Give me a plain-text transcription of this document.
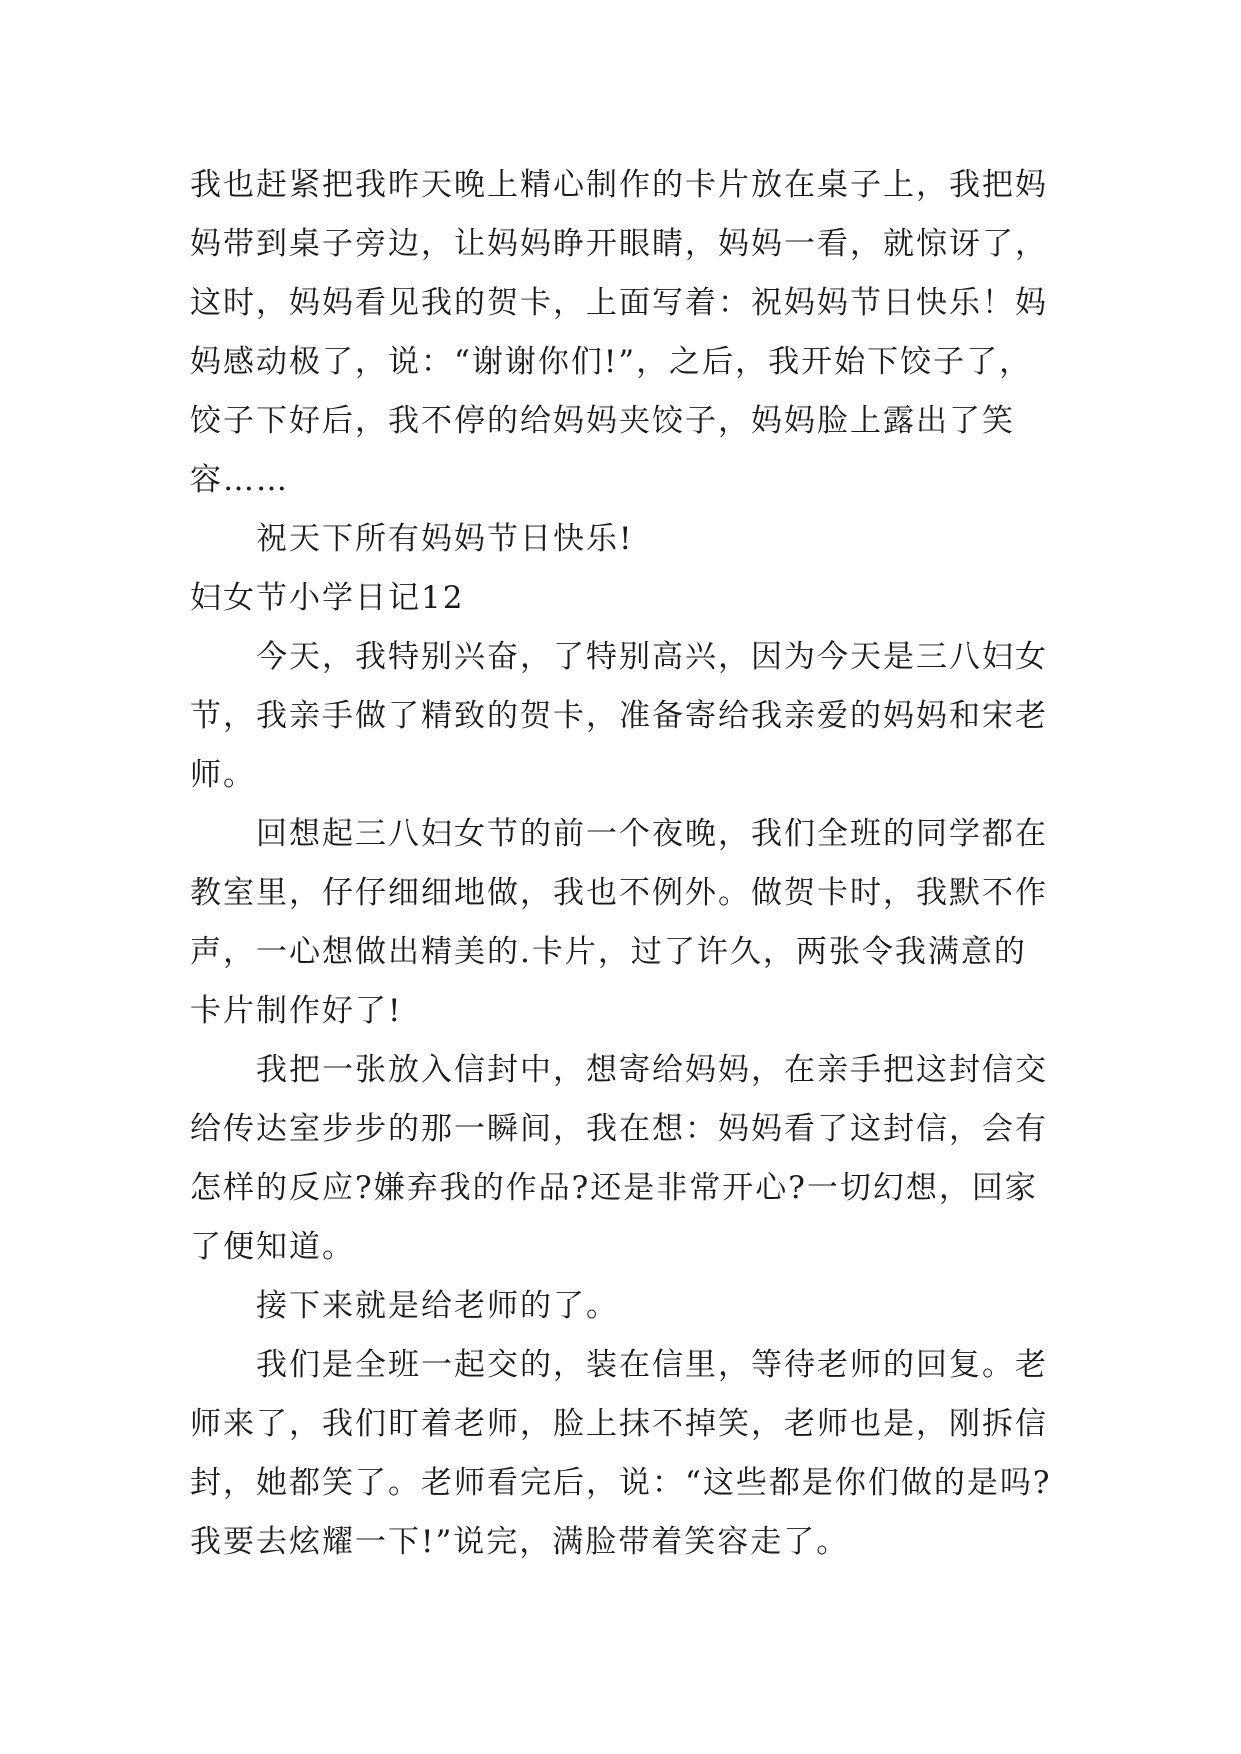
我也赶紧把我昨天晚上精心制作的卡片放在桌子上，我把妈
妈带到桌子旁边，让妈妈睁开眼睛，妈妈一看，就惊讶了，
这时，妈妈看见我的贺卡，上面写着：祝妈妈节日快乐！妈
妈感动极了，说：“谢谢你们!”，之后，我开始下饺子了，
饺子下好后，我不停的给妈妈夹饺子，妈妈脸上露出了笑
容……
祝天下所有妈妈节日快乐!
妇女节小学日记12
今天，我特别兴奋，了特别高兴，因为今天是三八妇女
节，我亲手做了精致的贺卡，准备寄给我亲爱的妈妈和宋老
师。
回想起三八妇女节的前一个夜晚，我们全班的同学都在
教室里，仔仔细细地做，我也不例外。做贺卡时，我默不作
声，一心想做出精美的.卡片，过了许久，两张令我满意的
卡片制作好了!
我把一张放入信封中，想寄给妈妈，在亲手把这封信交
给传达室步步的那一瞬间，我在想：妈妈看了这封信，会有
怎样的反应?嫌弃我的作品?还是非常开心?一切幻想，回家
了便知道。
接下来就是给老师的了。
我们是全班一起交的，装在信里，等待老师的回复。老
师来了，我们盯着老师，脸上抹不掉笑，老师也是，刚拆信
封，她都笑了。老师看完后，说：“这些都是你们做的是吗?
我要去炫耀一下!”说完，满脸带着笑容走了。
